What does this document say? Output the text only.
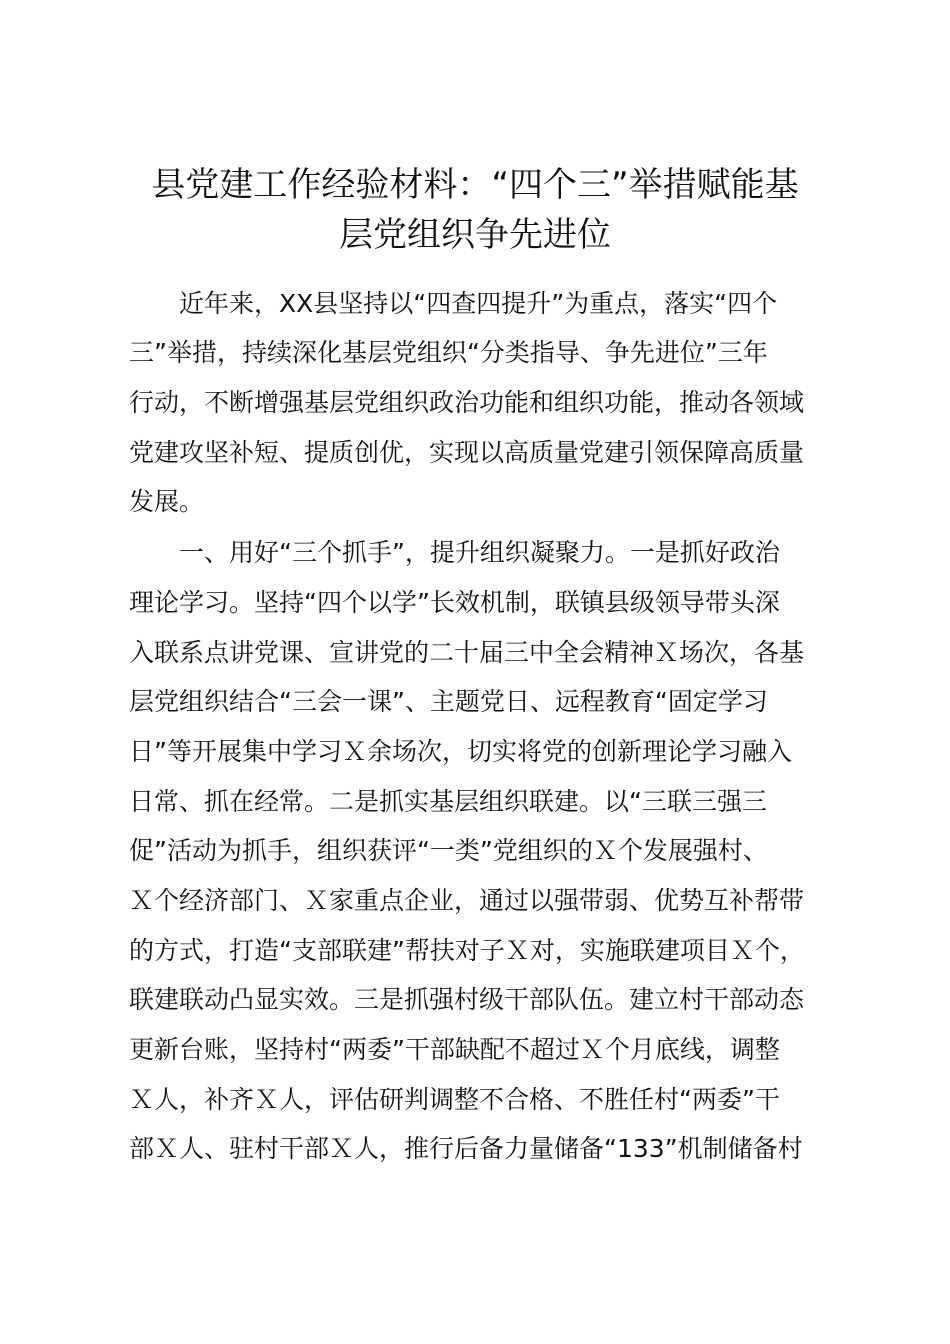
县党建工作经验材料：“四个三”举措赋能基
层党组织争先进位
　　近年来，XX县坚持以“四查四提升”为重点，落实“四个
三”举措，持续深化基层党组织“分类指导、争先进位”三年
行动，不断增强基层党组织政治功能和组织功能，推动各领域
党建攻坚补短、提质创优，实现以高质量党建引领保障高质量
发展。
　　一、用好“三个抓手”，提升组织凝聚力。一是抓好政治
理论学习。坚持“四个以学”长效机制，联镇县级领导带头深
入联系点讲党课、宣讲党的二十届三中全会精神Ｘ场次，各基
层党组织结合“三会一课”、主题党日、远程教育“固定学习
日”等开展集中学习Ｘ余场次，切实将党的创新理论学习融入
日常、抓在经常。二是抓实基层组织联建。以“三联三强三
促”活动为抓手，组织获评“一类”党组织的Ｘ个发展强村、
Ｘ个经济部门、Ｘ家重点企业，通过以强带弱、优势互补帮带
的方式，打造“支部联建”帮扶对子Ｘ对，实施联建项目Ｘ个，
联建联动凸显实效。三是抓强村级干部队伍。建立村干部动态
更新台账，坚持村“两委”干部缺配不超过Ｘ个月底线，调整
Ｘ人，补齐Ｘ人，评估研判调整不合格、不胜任村“两委”干
部Ｘ人、驻村干部Ｘ人，推行后备力量储备“133”机制储备村
